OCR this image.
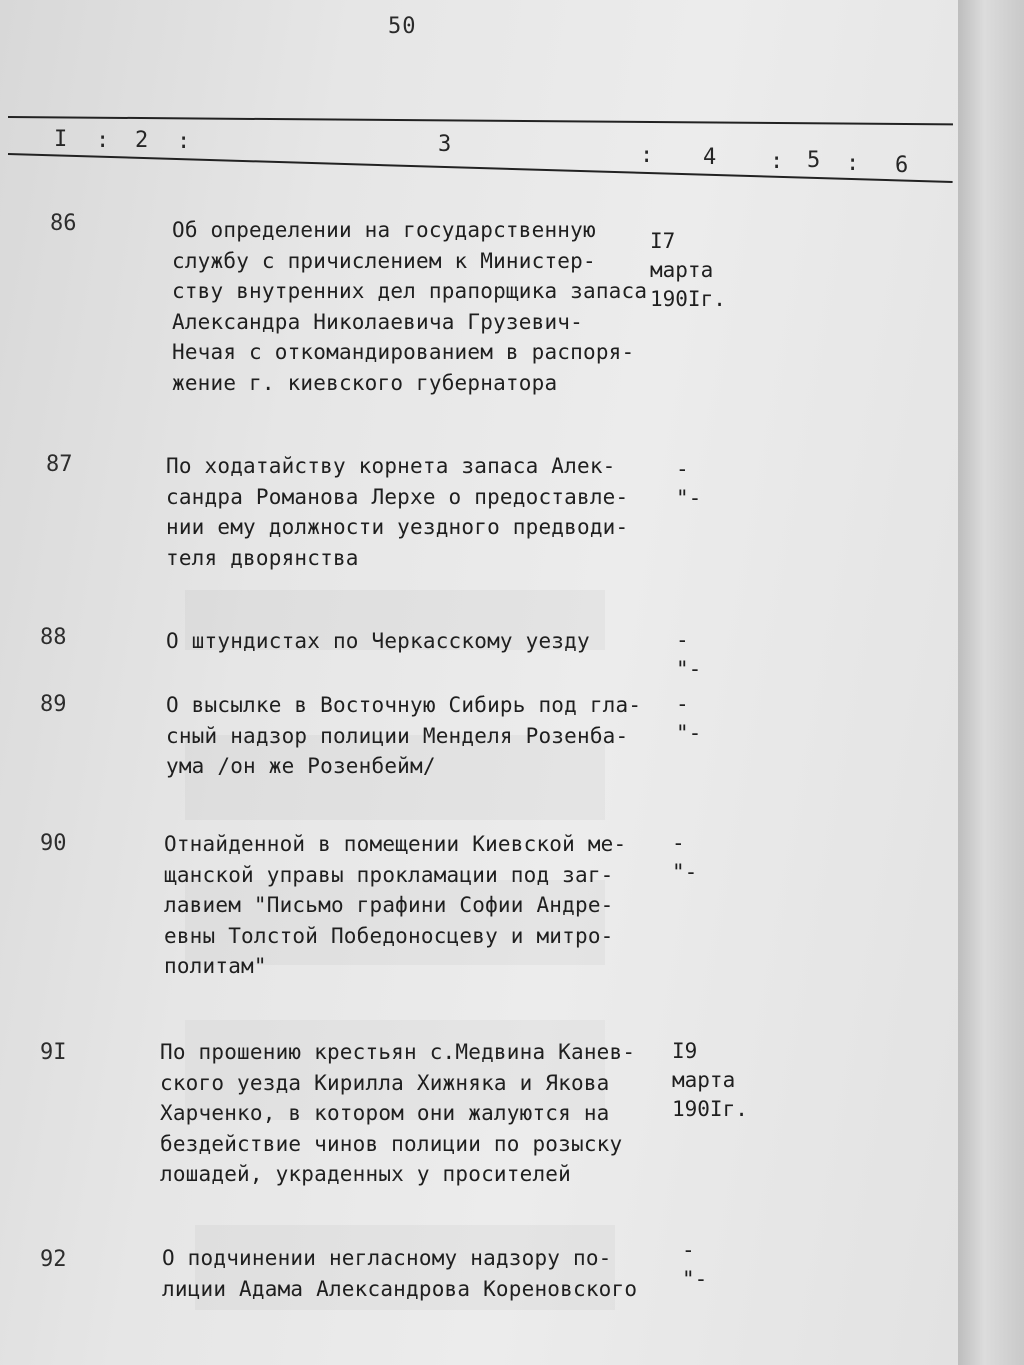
50
I : 2 :	3	: 4 : 5 : 6
86	Об определении на государственную
службу с причислением к Министер-
ству внутренних дел прапорщика запаса
Александра Николаевича Грузевич-
Нечая с откомандированием в распоря-
жение г. киевского губернатора
I7 марта
190Iг.
87	По ходатайству корнета запаса Алек-
сандра Романова Лерхе о предоставле-
нии ему должности уездного предводи-
теля дворянства
-"-
88	О штундистах по Черкасскому уезду	-"-
89	О высылке в Восточную Сибирь под гла-
сный надзор полиции Менделя Розенба-
ума /он же Розенбейм/
-"-
90	Отнайденной в помещении Киевской ме-
щанской управы прокламации под заг-
лавием "Письмо графини Софии Андре-
евны Толстой Победоносцеву и митро-
политам"
-"-
9I	По прошению крестьян с.Медвина Канев-
ского уезда Кирилла Хижняка и Якова
Харченко, в котором они жалуются на
бездействие чинов полиции по розыску
лошадей, украденных у просителей
I9 марта
190Iг.
92	О подчинении негласному надзору по-
лиции Адама Александрова Кореновского
-"-
